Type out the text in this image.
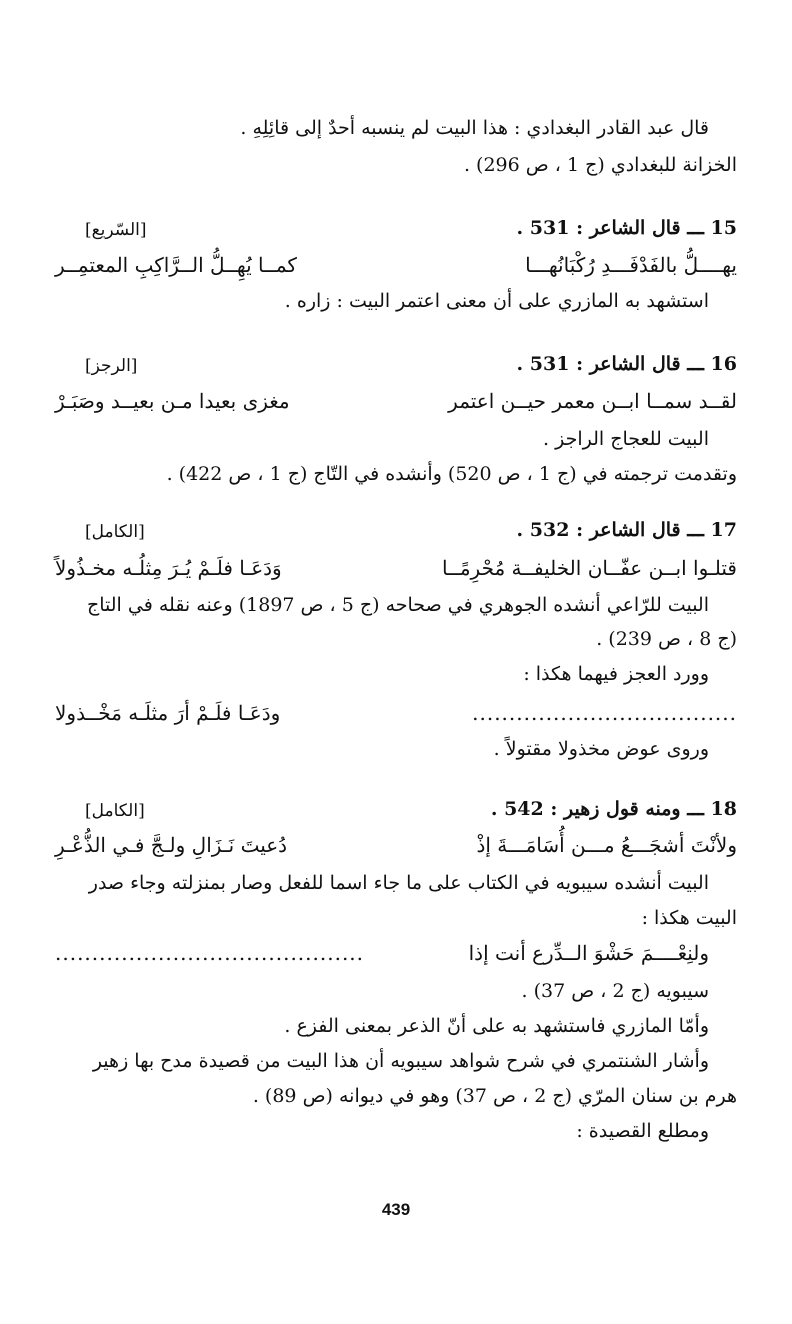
قال عبد القادر البغدادي : هذا البيت لم ينسبه أحدٌ إلى قائِلِهِ .
الخزانة للبغدادي (ج 1 ، ص 296) .
15 ـــ قال الشاعر : 531 .
[السّريع]
يهــــلُّ بالفَدْفَـــدِ رُكْبَانُهـــا
كمــا يُهِــلُّ الــرَّاكِبِ المعتمِــر
استشهد به المازري على أن معنى اعتمر البيت : زاره .
16 ـــ قال الشاعر : 531 .
[الرجز]
لقــد سمــا ابــن معمر حيــن اعتمر
مغزى بعيدا مـن بعيــد وصَبَـرْ
البيت للعجاج الراجز .
وتقدمت ترجمته في (ج 1 ، ص 520) وأنشده في التّاج (ج 1 ، ص 422) .
17 ـــ قال الشاعر : 532 .
[الكامل]
قتلـوا ابــن عفّــان الخليفــة مُحْرِمًــا
وَدَعَـا فلَـمْ يُـرَ مِثلُـه مخـذُولاً
البيت للرّاعي أنشده الجوهري في صحاحه (ج 5 ، ص 1897) وعنه نقله في التاج
(ج 8 ، ص 239) .
وورد العجز فيهما هكذا :
....................................
ودَعَـا فلَـمْ أرَ مثلَـه مَخْــذولا
وروى عوض مخذولا مقتولاً .
18 ـــ ومنه قول زهير : 542 .
[الكامل]
ولأنْتَ أشجَـــعُ مـــن أُسَامَـــةَ إذْ
دُعيتَ نَـزَالِ ولـجَّ فـي الذُّعْـرِ
البيت أنشده سيبويه في الكتاب على ما جاء اسما للفعل وصار بمنزلته وجاء صدر
البيت هكذا :
ولنِعْــــمَ حَشْوَ الــدِّرع أنت إذا
..........................................
سيبويه (ج 2 ، ص 37) .
وأمّا المازري فاستشهد به على أنّ الذعر بمعنى الفزع .
وأشار الشنتمري في شرح شواهد سيبويه أن هذا البيت من قصيدة مدح بها زهير
هرم بن سنان المرّي (ج 2 ، ص 37) وهو في ديوانه (ص 89) .
ومطلع القصيدة :
439
